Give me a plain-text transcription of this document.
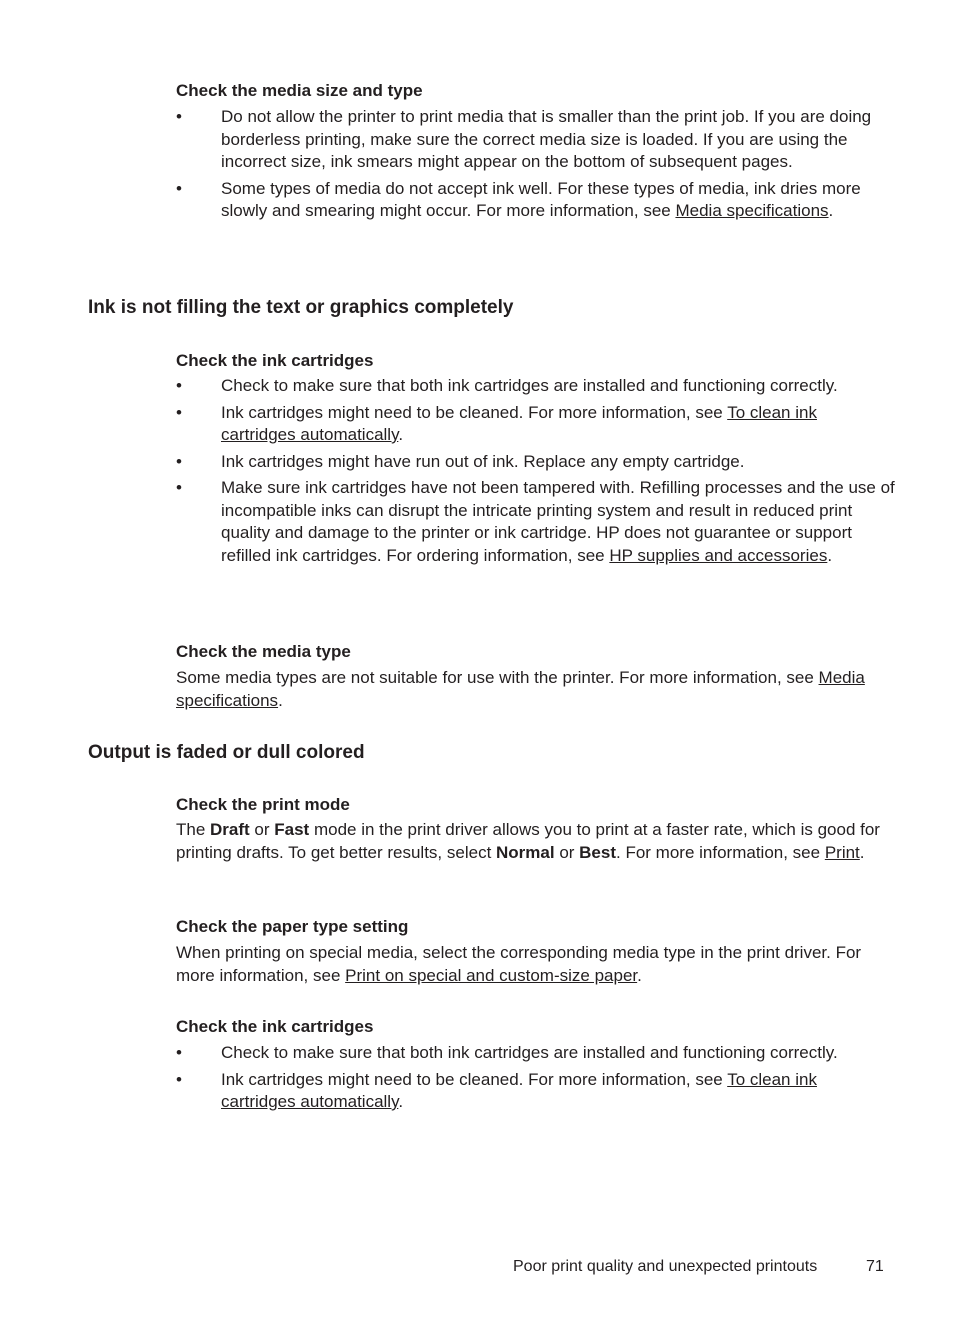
Check the media size and type
• Do not allow the printer to print media that is smaller than the print job. If you are doing borderless printing, make sure the correct media size is loaded. If you are using the incorrect size, ink smears might appear on the bottom of subsequent pages.
• Some types of media do not accept ink well. For these types of media, ink dries more slowly and smearing might occur. For more information, see Media specifications.
Ink is not filling the text or graphics completely
Check the ink cartridges
• Check to make sure that both ink cartridges are installed and functioning correctly.
• Ink cartridges might need to be cleaned. For more information, see To clean ink cartridges automatically.
• Ink cartridges might have run out of ink. Replace any empty cartridge.
• Make sure ink cartridges have not been tampered with. Refilling processes and the use of incompatible inks can disrupt the intricate printing system and result in reduced print quality and damage to the printer or ink cartridge. HP does not guarantee or support refilled ink cartridges. For ordering information, see HP supplies and accessories.
Check the media type

Some media types are not suitable for use with the printer. For more information, see Media specifications.

Output is faded or dull colored
Check the print mode

The Draft or Fast mode in the print driver allows you to print at a faster rate, which is good for printing drafts. To get better results, select Normal or Best. For more information, see Print.

Check the paper type setting

When printing on special media, select the corresponding media type in the print driver. For more information, see Print on special and custom-size paper.

Check the ink cartridges
• Check to make sure that both ink cartridges are installed and functioning correctly.
• Ink cartridges might need to be cleaned. For more information, see To clean ink cartridges automatically.
Poor print quality and unexpected printouts	71
